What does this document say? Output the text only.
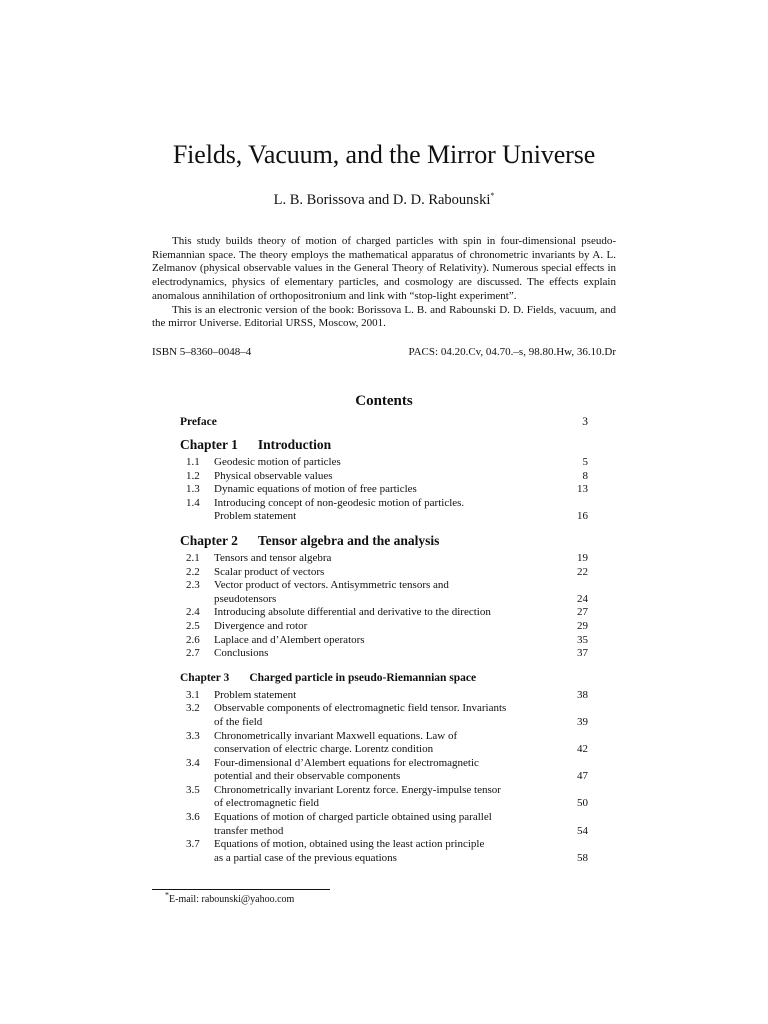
Fields, Vacuum, and the Mirror Universe
L. B. Borissova and D. D. Rabounski*

This study builds theory of motion of charged particles with spin in four-dimensional pseudo-Riemannian space. The theory employs the mathematical apparatus of chronometric invariants by A. L. Zelmanov (physical observable values in the General Theory of Relativity). Numerous special effects in electrodynamics, physics of elementary particles, and cosmology are discussed. The effects explain anomalous annihilation of orthopositronium and link with “stop-light experiment”.

This is an electronic version of the book: Borissova L. B. and Rabounski D. D. Fields, vacuum, and the mirror Universe. Editorial URSS, Moscow, 2001.

ISBN 5–8360–0048–4	PACS: 04.20.Cv, 04.70.–s, 98.80.Hw, 36.10.Dr
Contents
Preface	3
Chapter 1 Introduction
1.1	Geodesic motion of particles	5
1.2	Physical observable values	8
1.3	Dynamic equations of motion of free particles	13
1.4	Introducing concept of non-geodesic motion of particles.
Problem statement	16
Chapter 2 Tensor algebra and the analysis
2.1	Tensors and tensor algebra	19
2.2	Scalar product of vectors	22
2.3	Vector product of vectors. Antisymmetric tensors and
pseudotensors	24
2.4	Introducing absolute differential and derivative to the direction	27
2.5	Divergence and rotor	29
2.6	Laplace and d’Alembert operators	35
2.7	Conclusions	37
Chapter 3 Charged particle in pseudo-Riemannian space
3.1	Problem statement	38
3.2	Observable components of electromagnetic field tensor. Invariants
of the field	39
3.3	Chronometrically invariant Maxwell equations. Law of
conservation of electric charge. Lorentz condition	42
3.4	Four-dimensional d’Alembert equations for electromagnetic
potential and their observable components	47
3.5	Chronometrically invariant Lorentz force. Energy-impulse tensor
of electromagnetic field	50
3.6	Equations of motion of charged particle obtained using parallel
transfer method	54
3.7	Equations of motion, obtained using the least action principle
as a partial case of the previous equations	58
*E-mail: rabounski@yahoo.com
